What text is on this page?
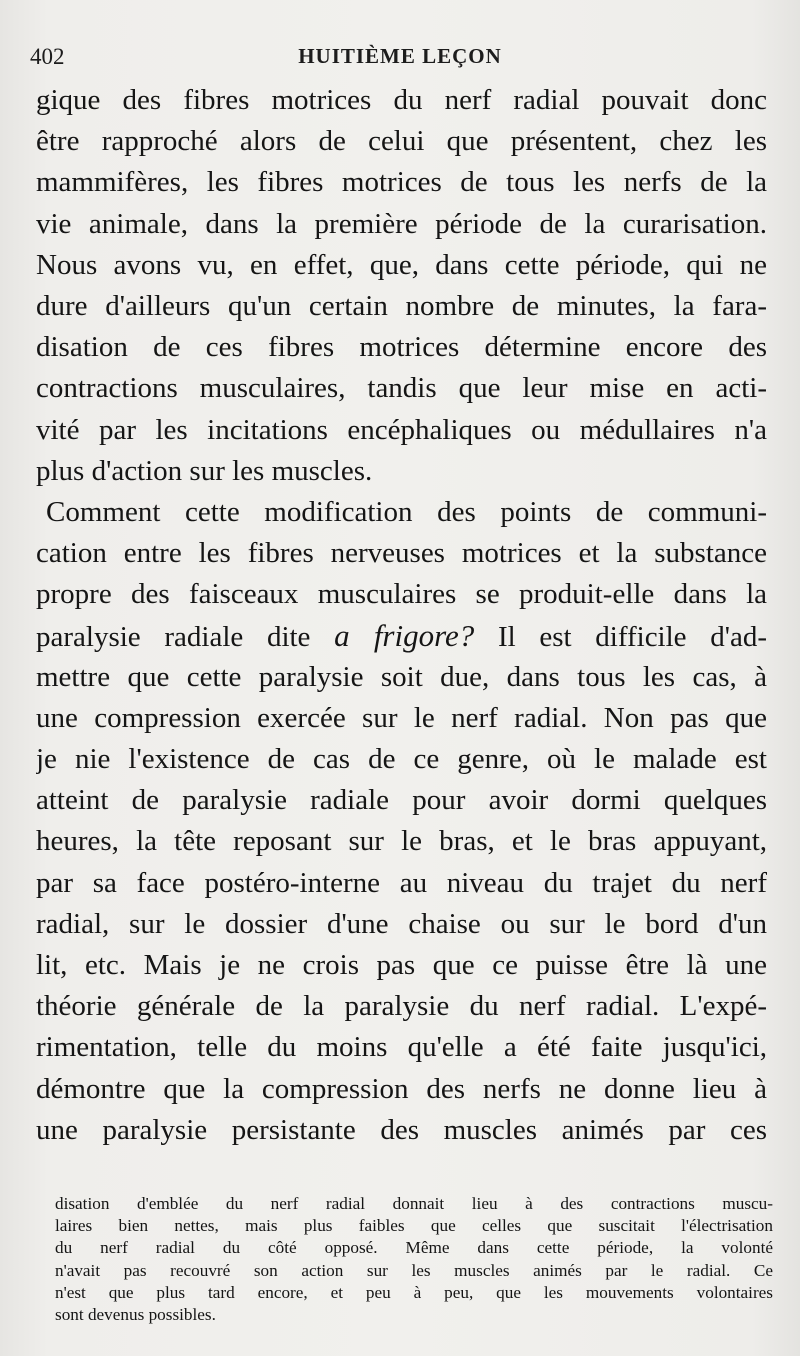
402	HUITIÈME LEÇON
gique des fibres motrices du nerf radial pouvait donc
être rapproché alors de celui que présentent, chez les
mammifères, les fibres motrices de tous les nerfs de la
vie animale, dans la première période de la curarisation.
Nous avons vu, en effet, que, dans cette période, qui ne
dure d'ailleurs qu'un certain nombre de minutes, la fara-
disation de ces fibres motrices détermine encore des
contractions musculaires, tandis que leur mise en acti-
vité par les incitations encéphaliques ou médullaires n'a
plus d'action sur les muscles.
Comment cette modification des points de communi-
cation entre les fibres nerveuses motrices et la substance
propre des faisceaux musculaires se produit-elle dans la
paralysie radiale dite a frigore? Il est difficile d'ad-
mettre que cette paralysie soit due, dans tous les cas, à
une compression exercée sur le nerf radial. Non pas que
je nie l'existence de cas de ce genre, où le malade est
atteint de paralysie radiale pour avoir dormi quelques
heures, la tête reposant sur le bras, et le bras appuyant,
par sa face postéro-interne au niveau du trajet du nerf
radial, sur le dossier d'une chaise ou sur le bord d'un
lit, etc. Mais je ne crois pas que ce puisse être là une
théorie générale de la paralysie du nerf radial. L'expé-
rimentation, telle du moins qu'elle a été faite jusqu'ici,
démontre que la compression des nerfs ne donne lieu à
une paralysie persistante des muscles animés par ces
disation d'emblée du nerf radial donnait lieu à des contractions muscu-
laires bien nettes, mais plus faibles que celles que suscitait l'électrisation
du nerf radial du côté opposé. Même dans cette période, la volonté
n'avait pas recouvré son action sur les muscles animés par le radial. Ce
n'est que plus tard encore, et peu à peu, que les mouvements volontaires
sont devenus possibles.
